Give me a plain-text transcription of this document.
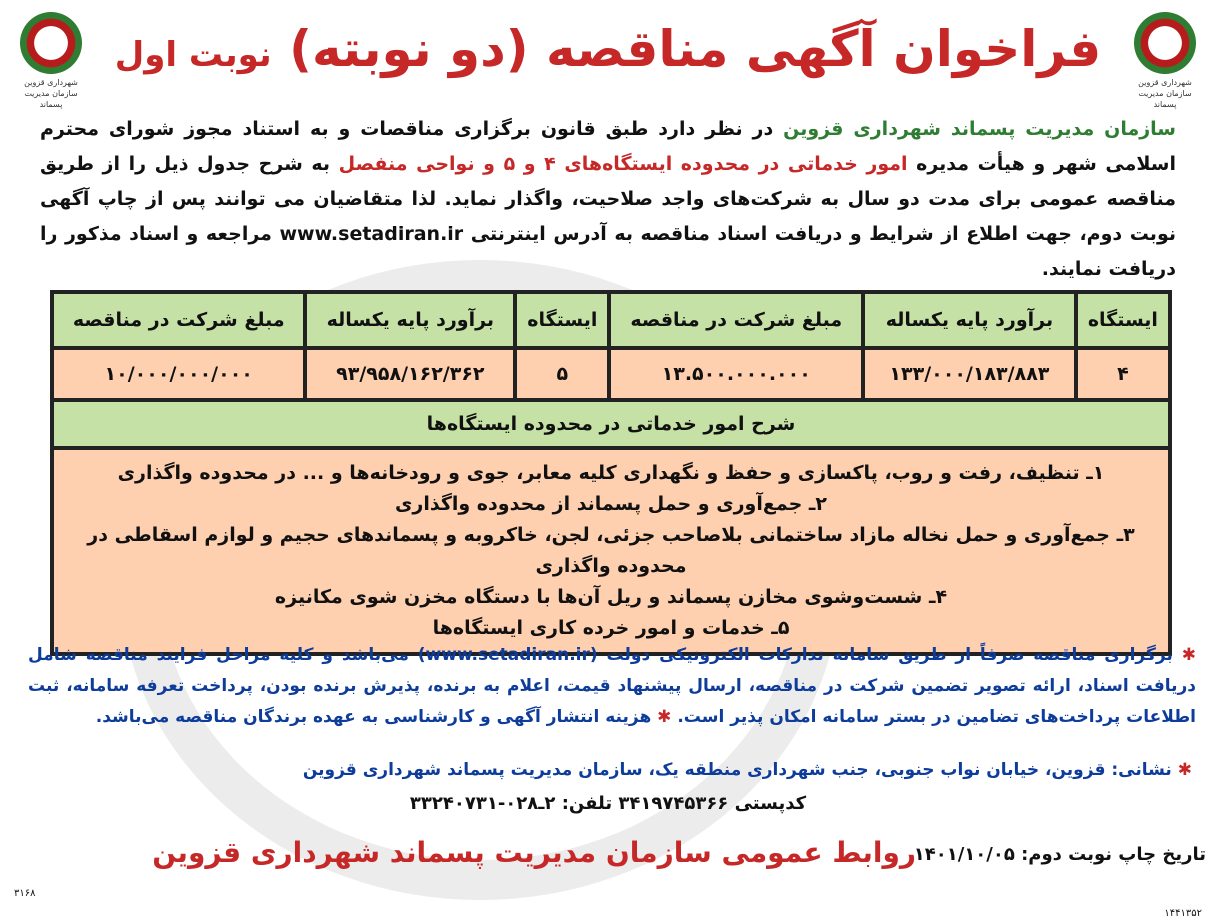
شهرداری قزوین سازمان مدیریت پسماند
شهرداری قزوین سازمان مدیریت پسماند
فراخوان آگهی مناقصه (دو نوبته) نوبت اول
سازمان مدیریت پسماند شهرداری قزوین در نظر دارد طبق قانون برگزاری مناقصات و به استناد مجوز شورای محترم اسلامی شهر و هیأت مدیره امور خدماتی در محدوده ایستگاه‌های ۴ و ۵ و نواحی منفصل به شرح جدول ذیل را از طریق مناقصه عمومی برای مدت دو سال به شرکت‌های واجد صلاحیت، واگذار نماید. لذا متقاضیان می توانند پس از چاپ آگهی نوبت دوم، جهت اطلاع از شرایط و دریافت اسناد مناقصه به آدرس اینترنتی www.setadiran.ir مراجعه و اسناد مذکور را دریافت نمایند.
ایستگاه	برآورد پایه یکساله	مبلغ شرکت در مناقصه	ایستگاه	برآورد پایه یکساله	مبلغ شرکت در مناقصه
۴	۱۳۳/۰۰۰/۱۸۳/۸۸۳	۱۳.۵۰۰.۰۰۰.۰۰۰	۵	۹۳/۹۵۸/۱۶۲/۳۶۲	۱۰/۰۰۰/۰۰۰/۰۰۰
شرح امور خدماتی در محدوده ایستگاه‌ها					

۱ـ تنظیف، رفت و روب، پاکسازی و حفظ و نگهداری کلیه معابر، جوی و رودخانه‌ها و ... در محدوده واگذاری
۲ـ جمع‌آوری و حمل پسماند از محدوده واگذاری
۳ـ جمع‌آوری و حمل نخاله مازاد ساختمانی بلاصاحب جزئی، لجن، خاکروبه و پسماندهای حجیم و لوازم اسقاطی در محدوده واگذاری
۴ـ شست‌وشوی مخازن پسماند و ریل آن‌ها با دستگاه مخزن شوی مکانیزه
۵ـ خدمات و امور خرده کاری ایستگاه‌ها					
✱ برگزاری مناقصه صرفاً از طریق سامانه تدارکات الکترونیکی دولت (www.setadiran.ir) می‌باشد و کلیه مراحل فرایند مناقصه شامل دریافت اسناد، ارائه تصویر تضمین شرکت در مناقصه، ارسال پیشنهاد قیمت، اعلام به برنده، پذیرش برنده بودن، پرداخت تعرفه سامانه، ثبت اطلاعات پرداخت‌های تضامین در بستر سامانه امکان پذیر است. ✱ هزینه انتشار آگهی و کارشناسی به عهده برندگان مناقصه می‌باشد.
✱ نشانی: قزوین، خیابان نواب جنوبی، جنب شهرداری منطقه یک، سازمان مدیریت پسماند شهرداری قزوین
کدپستی ۳۴۱۹۷۴۵۳۶۶ تلفن: ۲ـ۰۲۸-۳۳۲۴۰۷۳۱
تاریخ چاپ نوبت دوم: ۱۴۰۱/۱۰/۰۵
روابط عمومی سازمان مدیریت پسماند شهرداری قزوین
۳۱۶۸
۱۴۴۱۳۵۲
